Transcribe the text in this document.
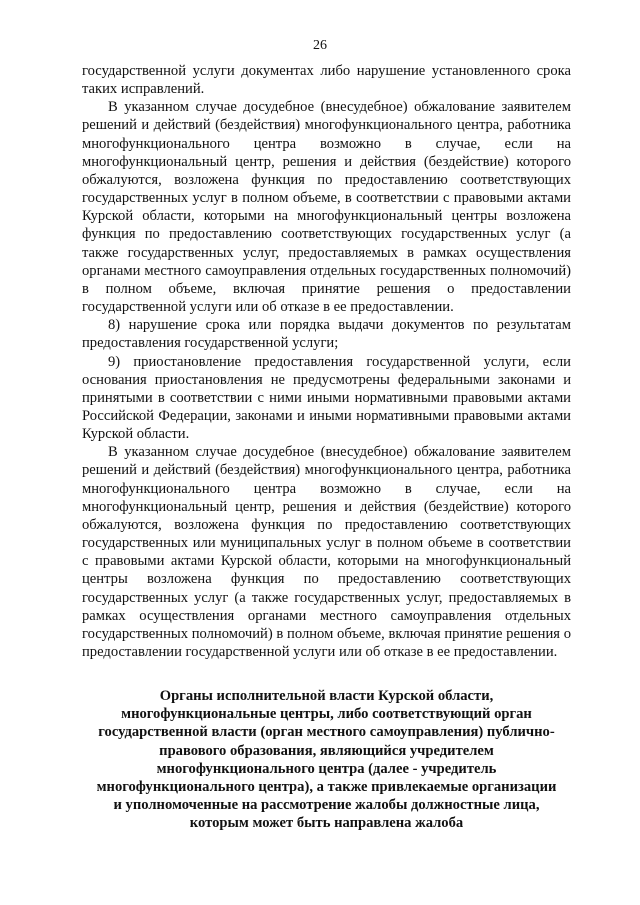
26

государственной услуги документах либо нарушение установленного срока таких исправлений.

В указанном случае досудебное (внесудебное) обжалование заявителем решений и действий (бездействия) многофункционального центра, работника многофункционального центра возможно в случае, если на многофункциональный центр, решения и действия (бездействие) которого обжалуются, возложена функция по предоставлению соответствующих государственных услуг в полном объеме, в соответствии с правовыми актами Курской области, которыми на многофункциональный центры возложена функция по предоставлению соответствующих государственных услуг (а также государственных услуг, предоставляемых в рамках осуществления органами местного самоуправления отдельных государственных полномочий) в полном объеме, включая принятие решения о предоставлении государственной услуги или об отказе в ее предоставлении.

8) нарушение срока или порядка выдачи документов по результатам предоставления государственной услуги;

9) приостановление предоставления государственной услуги, если основания приостановления не предусмотрены федеральными законами и принятыми в соответствии с ними иными нормативными правовыми актами Российской Федерации, законами и иными нормативными правовыми актами Курской области.

В указанном случае досудебное (внесудебное) обжалование заявителем решений и действий (бездействия) многофункционального центра, работника многофункционального центра возможно в случае, если на многофункциональный центр, решения и действия (бездействие) которого обжалуются, возложена функция по предоставлению соответствующих государственных или муниципальных услуг в полном объеме в соответствии с правовыми актами Курской области, которыми на многофункциональный центры возложена функция по предоставлению соответствующих государственных услуг (а также государственных услуг, предоставляемых в рамках осуществления органами местного самоуправления отдельных государственных полномочий) в полном объеме, включая принятие решения о предоставлении государственной услуги или об отказе в ее предоставлении.

Органы исполнительной власти Курской области,
многофункциональные центры, либо соответствующий орган
государственной власти (орган местного самоуправления) публично-
правового образования, являющийся учредителем
многофункционального центра (далее - учредитель
многофункционального центра), а также привлекаемые организации
и уполномоченные на рассмотрение жалобы должностные лица,
которым может быть направлена жалоба
